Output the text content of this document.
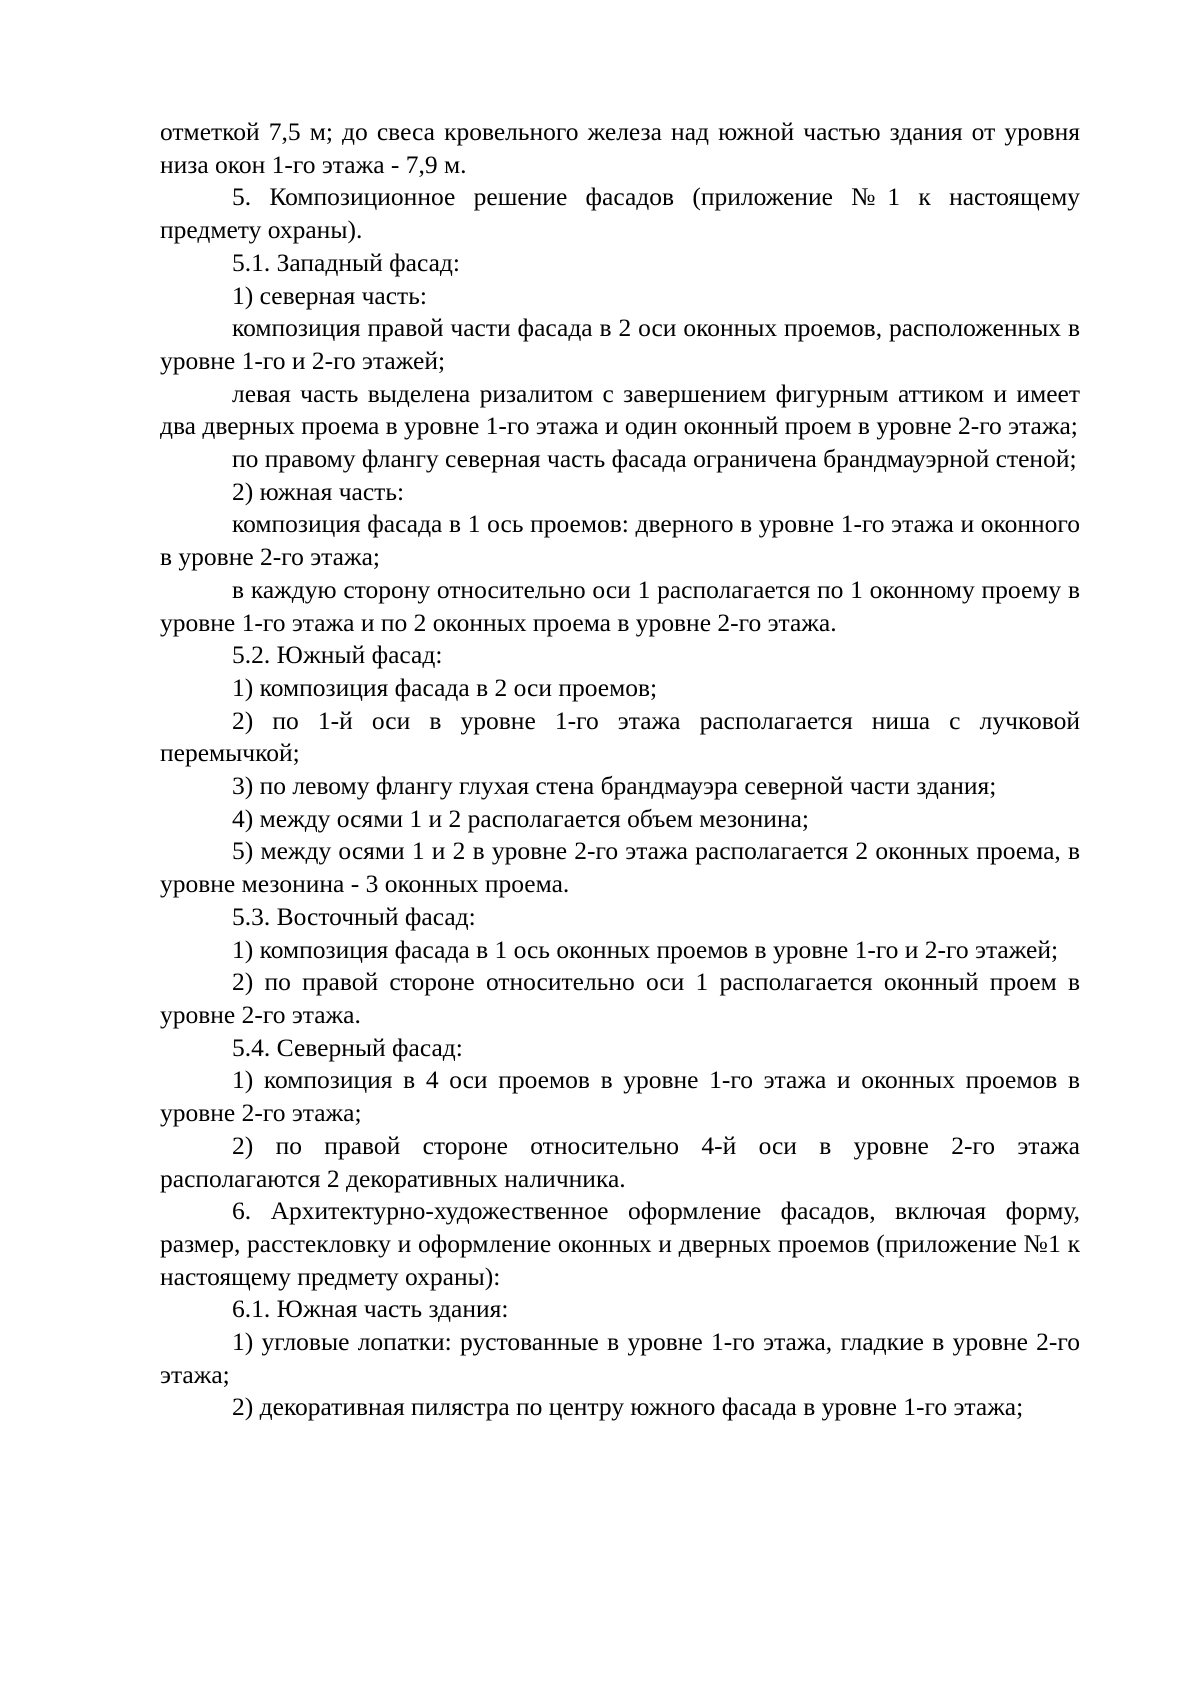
отметкой 7,5 м; до свеса кровельного железа над южной частью здания от уровня низа окон 1-го этажа - 7,9 м.

5. Композиционное решение фасадов (приложение №1 к настоящему предмету охраны).

5.1. Западный фасад:

1) северная часть:

композиция правой части фасада в 2 оси оконных проемов, расположенных в уровне 1-го и 2-го этажей;

левая часть выделена ризалитом с завершением фигурным аттиком и имеет два дверных проема в уровне 1-го этажа и один оконный проем в уровне 2-го этажа;

по правому флангу северная часть фасада ограничена брандмауэрной стеной;

2) южная часть:

композиция фасада в 1 ось проемов: дверного в уровне 1-го этажа и оконного в уровне 2-го этажа;

в каждую сторону относительно оси 1 располагается по 1 оконному проему в уровне 1-го этажа и по 2 оконных проема в уровне 2-го этажа.

5.2. Южный фасад:

1) композиция фасада в 2 оси проемов;

2) по 1-й оси в уровне 1-го этажа располагается ниша с лучковой перемычкой;

3) по левому флангу глухая стена брандмауэра северной части здания;

4) между осями 1 и 2 располагается объем мезонина;

5) между осями 1 и 2 в уровне 2-го этажа располагается 2 оконных проема, в уровне мезонина - 3 оконных проема.

5.3. Восточный фасад:

1) композиция фасада в 1 ось оконных проемов в уровне 1-го и 2-го этажей;

2) по правой стороне относительно оси 1 располагается оконный проем в уровне 2-го этажа.

5.4. Северный фасад:

1) композиция в 4 оси проемов в уровне 1-го этажа и оконных проемов в уровне 2-го этажа;

2) по правой стороне относительно 4-й оси в уровне 2-го этажа располагаются 2 декоративных наличника.

6. Архитектурно-художественное оформление фасадов, включая форму, размер, расстекловку и оформление оконных и дверных проемов (приложение №1 к настоящему предмету охраны):

6.1. Южная часть здания:

1) угловые лопатки: рустованные в уровне 1-го этажа, гладкие в уровне 2-го этажа;

2) декоративная пилястра по центру южного фасада в уровне 1-го этажа;
